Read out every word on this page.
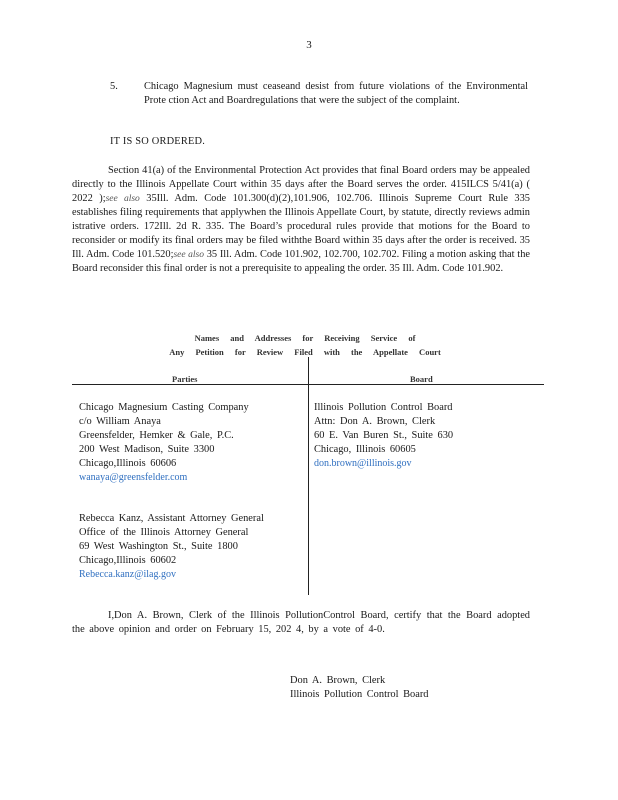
3
5.	Chicago Magnesium must ceaseand desist from future violations of the Environmental Prote ction Act and Boardregulations that were the subject of the complaint.
IT IS SO ORDERED.

Section 41(a) of the Environmental Protection Act provides that final Board orders may be appealed directly to the Illinois Appellate Court within 35 days after the Board serves the order. 415ILCS 5/41(a) ( 2022 );see also 35Ill. Adm. Code 101.300(d)(2),101.906, 102.706. Illinois Supreme Court Rule 335 establishes filing requirements that applywhen the Illinois Appellate Court, by statute, directly reviews admin istrative orders. 172Ill. 2d R. 335. The Board’s procedural rules provide that motions for the Board to reconsider or modify its final orders may be filed withthe Board within 35 days after the order is received. 35 Ill. Adm. Code 101.520;see also 35 Ill. Adm. Code 101.902, 102.700, 102.702. Filing a motion asking that the Board reconsider this final order is not a prerequisite to appealing the order. 35 Ill. Adm. Code 101.902.

Names and Addresses for Receiving Service of
Any Petition for Review Filed with the Appellate Court
Parties	Board
Chicago Magnesium Casting Company
c/o William Anaya
Greensfelder, Hemker & Gale, P.C.
200 West Madison, Suite 3300
Chicago,Illinois 60606
wanaya@greensfelder.com
Rebecca Kanz, Assistant Attorney General
Office of the Illinois Attorney General
69 West Washington St., Suite 1800
Chicago,Illinois 60602
Rebecca.kanz@ilag.gov
Illinois Pollution Control Board
Attn: Don A. Brown, Clerk
60 E. Van Buren St., Suite 630
Chicago, Illinois 60605
don.brown@illinois.gov

I,Don A. Brown, Clerk of the Illinois PollutionControl Board, certify that the Board adopted the above opinion and order on February 15, 202 4, by a vote of 4-0.

Don A. Brown, Clerk
Illinois Pollution Control Board
